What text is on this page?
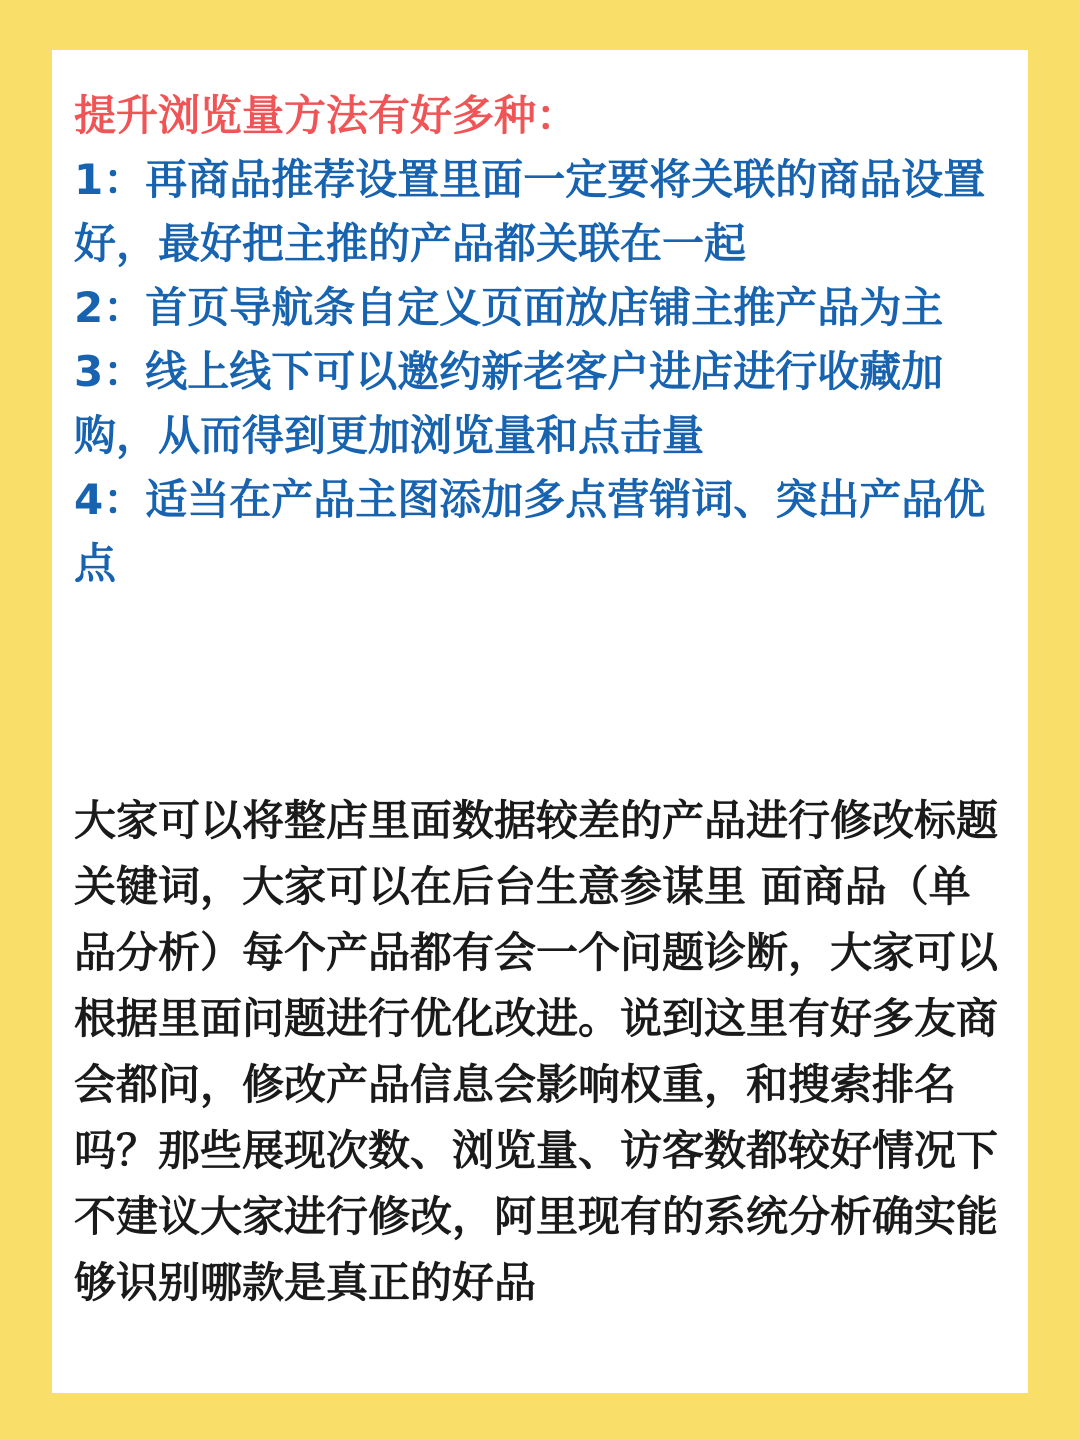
提升浏览量方法有好多种：

1：再商品推荐设置里面一定要将关联的商品设置好，最好把主推的产品都关联在一起

2：首页导航条自定义页面放店铺主推产品为主

3：线上线下可以邀约新老客户进店进行收藏加购，从而得到更加浏览量和点击量

4：适当在产品主图添加多点营销词、突出产品优点

大家可以将整店里面数据较差的产品进行修改标题关键词，大家可以在后台生意参谋里 面商品（单品分析）每个产品都有会一个问题诊断，大家可以根据里面问题进行优化改进。说到这里有好多友商会都问，修改产品信息会影响权重，和搜索排名吗？那些展现次数、浏览量、访客数都较好情况下不建议大家进行修改，阿里现有的系统分析确实能 够识别哪款是真正的好品
